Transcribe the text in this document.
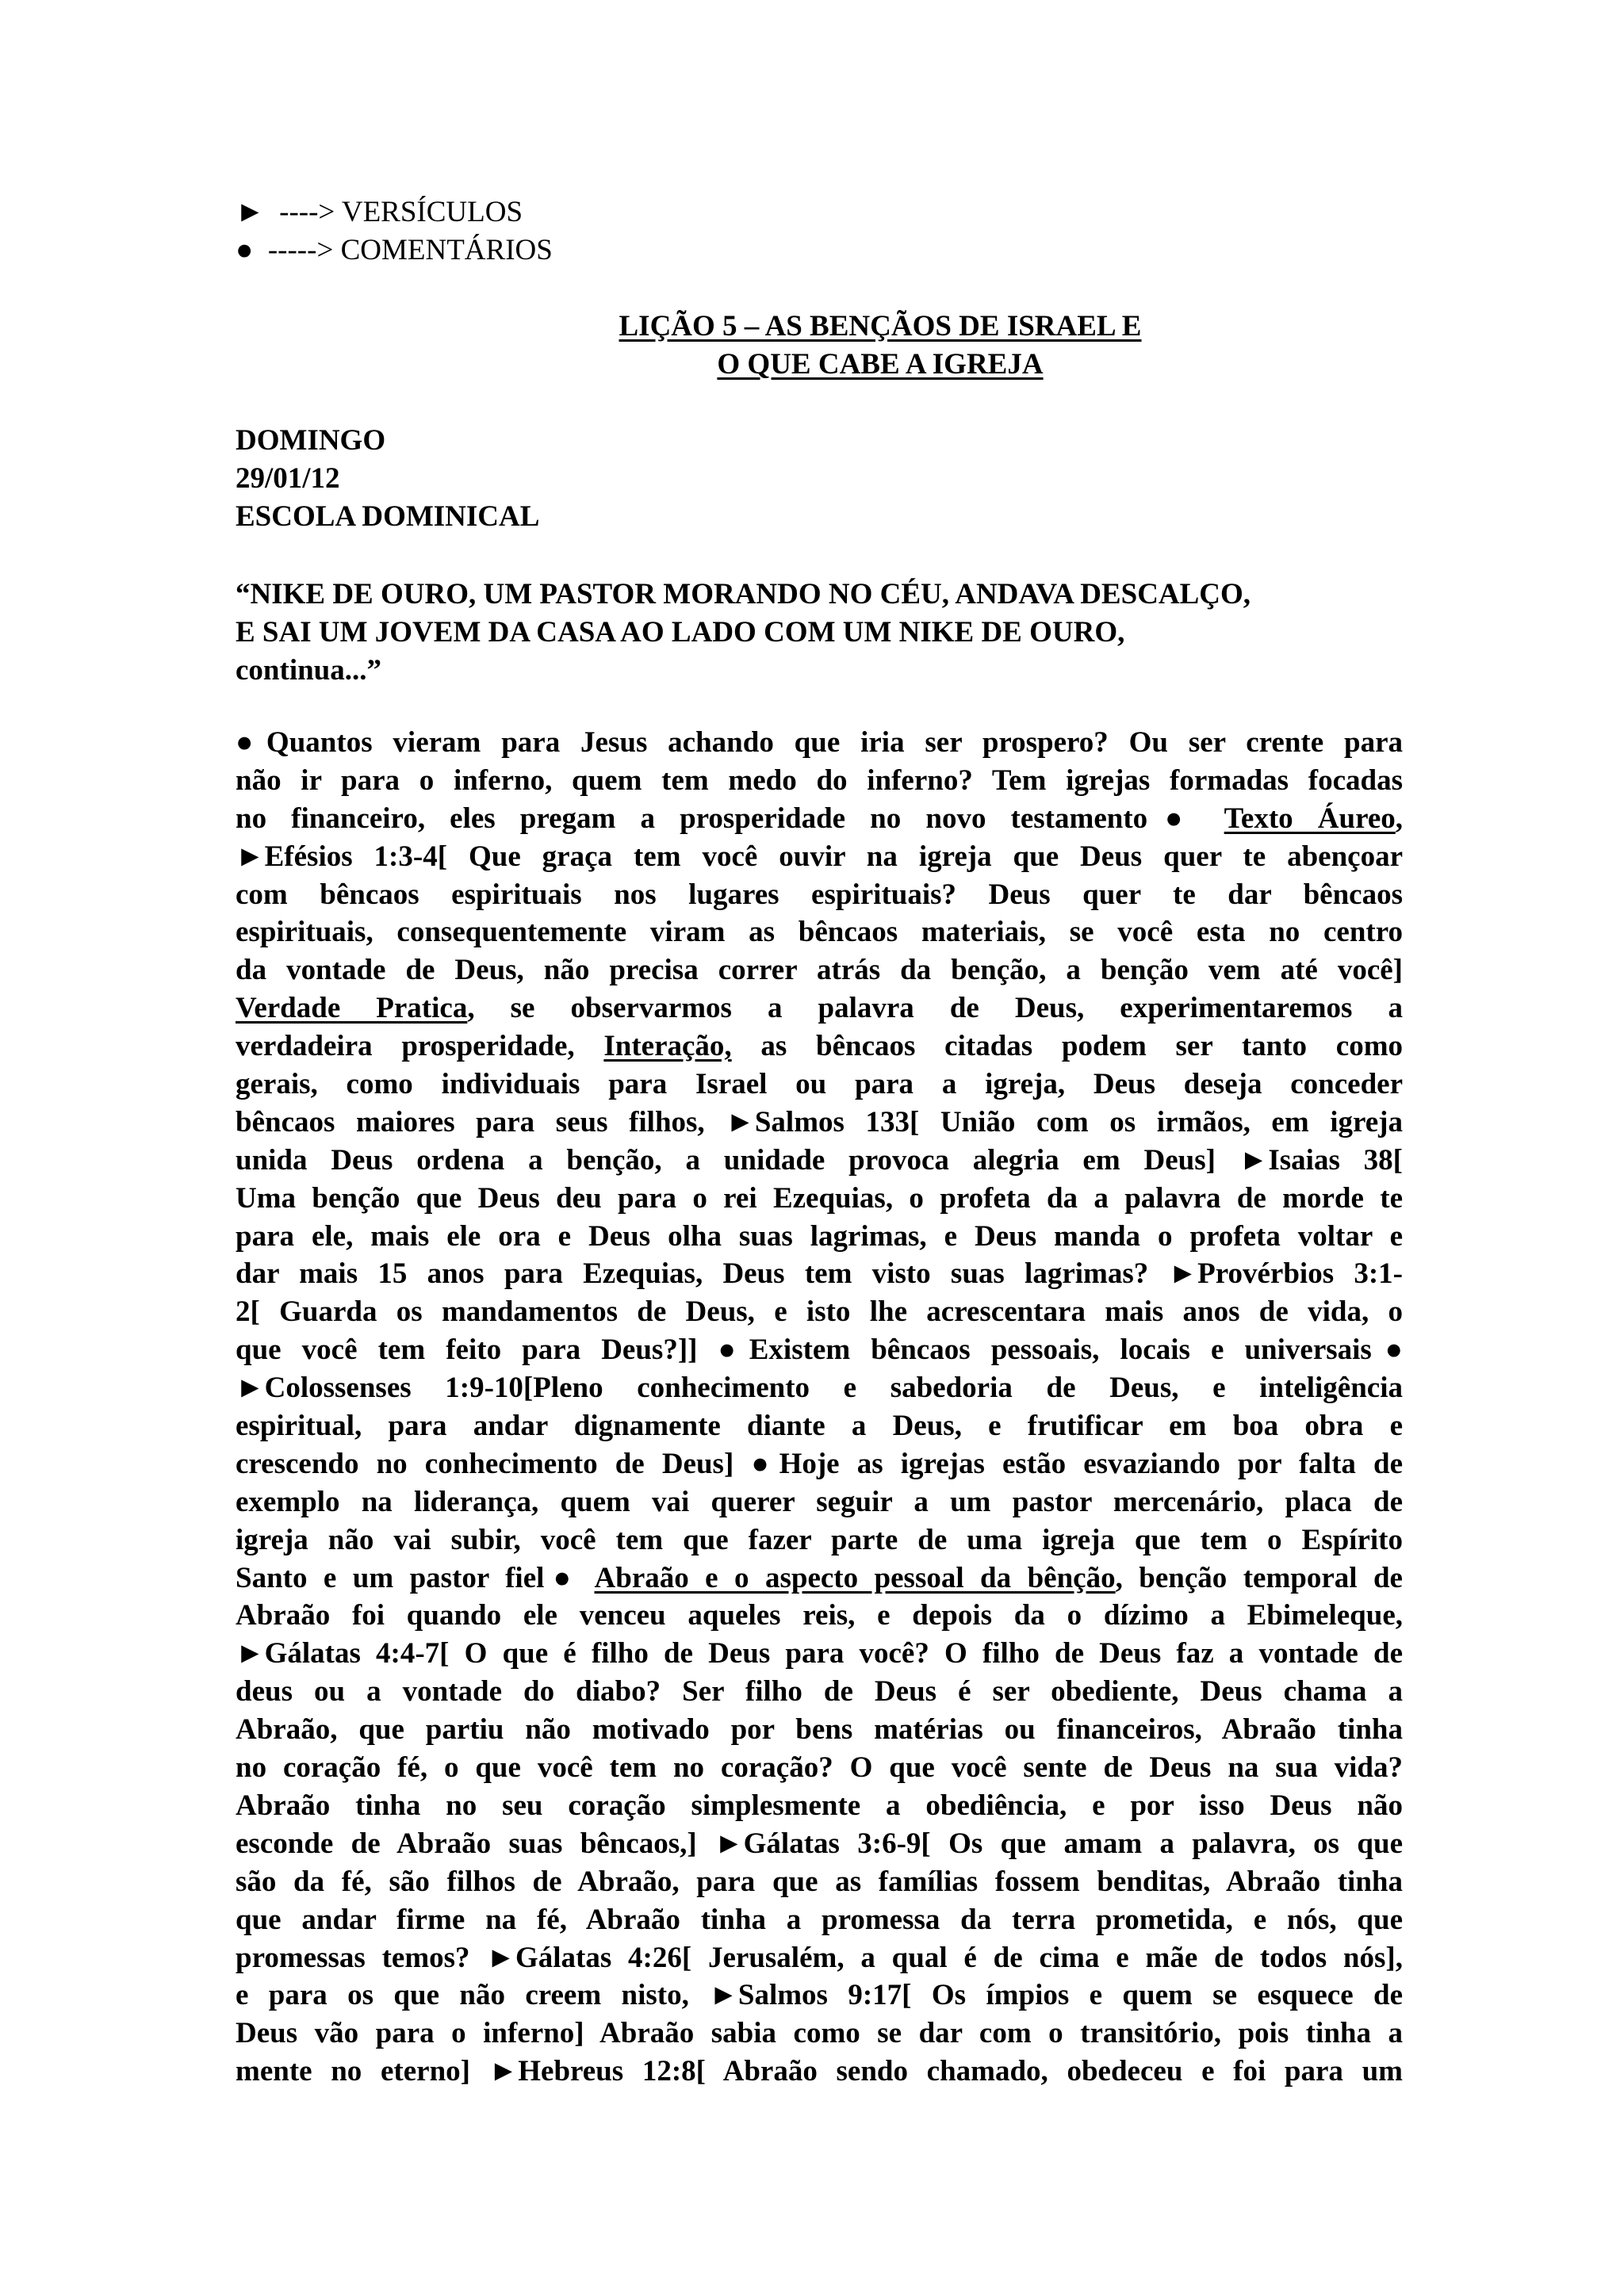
►  ----> VERSÍCULOS
●  -----> COMENTÁRIOS
LIÇÃO 5 – AS BENÇÃOS DE ISRAEL E
O QUE CABE A IGREJA
DOMINGO
29/01/12
ESCOLA DOMINICAL
“NIKE DE OURO, UM PASTOR MORANDO NO CÉU, ANDAVA DESCALÇO,
E SAI UM JOVEM DA CASA AO LADO COM UM NIKE DE OURO,
continua...”
●Quantos vieram para Jesus achando que iria ser prospero? Ou ser crente para
não ir para o inferno, quem tem medo do inferno? Tem igrejas formadas focadas
no financeiro, eles pregam a prosperidade no novo testamento● Texto Áureo,
►Efésios 1:3-4[ Que graça tem você ouvir na igreja que Deus quer te abençoar
com bêncaos espirituais nos lugares espirituais? Deus quer te dar bêncaos
espirituais, consequentemente viram as bêncaos materiais, se você esta no centro
da vontade de Deus, não precisa correr atrás da benção, a benção vem até você]
Verdade Pratica, se observarmos a palavra de Deus, experimentaremos a
verdadeira prosperidade, Interação, as bêncaos citadas podem ser tanto como
gerais, como individuais para Israel ou para a igreja, Deus deseja conceder
bêncaos maiores para seus filhos, ►Salmos 133[ União com os irmãos, em igreja
unida Deus ordena a benção, a unidade provoca alegria em Deus] ►Isaias 38[
Uma benção que Deus deu para o rei Ezequias, o profeta da a palavra de morde te
para ele, mais ele ora e Deus olha suas lagrimas, e Deus manda o profeta voltar e
dar mais 15 anos para Ezequias, Deus tem visto suas lagrimas? ►Provérbios 3:1-
2[ Guarda os mandamentos de Deus, e isto lhe acrescentara mais anos de vida, o
que você tem feito para Deus?]] ●Existem bêncaos pessoais, locais e universais●
►Colossenses 1:9-10[Pleno conhecimento e sabedoria de Deus, e inteligência
espiritual, para andar dignamente diante a Deus, e frutificar em boa obra e
crescendo no conhecimento de Deus] ●Hoje as igrejas estão esvaziando por falta de
exemplo na liderança, quem vai querer seguir a um pastor mercenário, placa de
igreja não vai subir, você tem que fazer parte de uma igreja que tem o Espírito
Santo e um pastor fiel● Abraão e o aspecto pessoal da bênção, benção temporal de
Abraão foi quando ele venceu aqueles reis, e depois da o dízimo a Ebimeleque,
►Gálatas 4:4-7[ O que é filho de Deus para você? O filho de Deus faz a vontade de
deus ou a vontade do diabo? Ser filho de Deus é ser obediente, Deus chama a
Abraão, que partiu não motivado por bens matérias ou financeiros, Abraão tinha
no coração fé, o que você tem no coração? O que você sente de Deus na sua vida?
Abraão tinha no seu coração simplesmente a obediência, e por isso Deus não
esconde de Abraão suas bêncaos,] ►Gálatas 3:6-9[ Os que amam a palavra, os que
são da fé, são filhos de Abraão, para que as famílias fossem benditas, Abraão tinha
que andar firme na fé, Abraão tinha a promessa da terra prometida, e nós, que
promessas temos? ►Gálatas 4:26[ Jerusalém, a qual é de cima e mãe de todos nós],
e para os que não creem nisto, ►Salmos 9:17[ Os ímpios e quem se esquece de
Deus vão para o inferno] Abraão sabia como se dar com o transitório, pois tinha a
mente no eterno] ►Hebreus 12:8[ Abraão sendo chamado, obedeceu e foi para um
